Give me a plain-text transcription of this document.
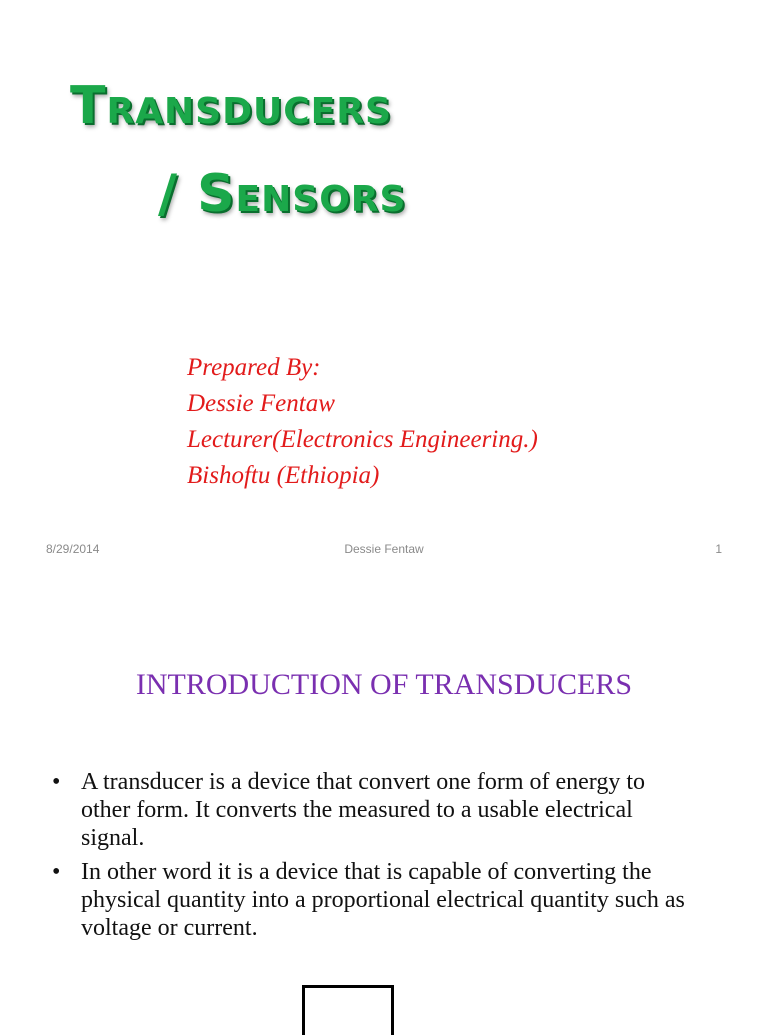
Transducers
/ Sensors
Prepared By:
Dessie Fentaw
Lecturer(Electronics Engineering.)
Bishoftu (Ethiopia)
8/29/2014	Dessie Fentaw	1
INTRODUCTION OF TRANSDUCERS
• A transducer is a device that convert one form of energy to other form. It converts the measured to a usable electrical signal.
• In other word it is a device that is capable of converting the physical quantity into a proportional electrical quantity such as voltage or current.
